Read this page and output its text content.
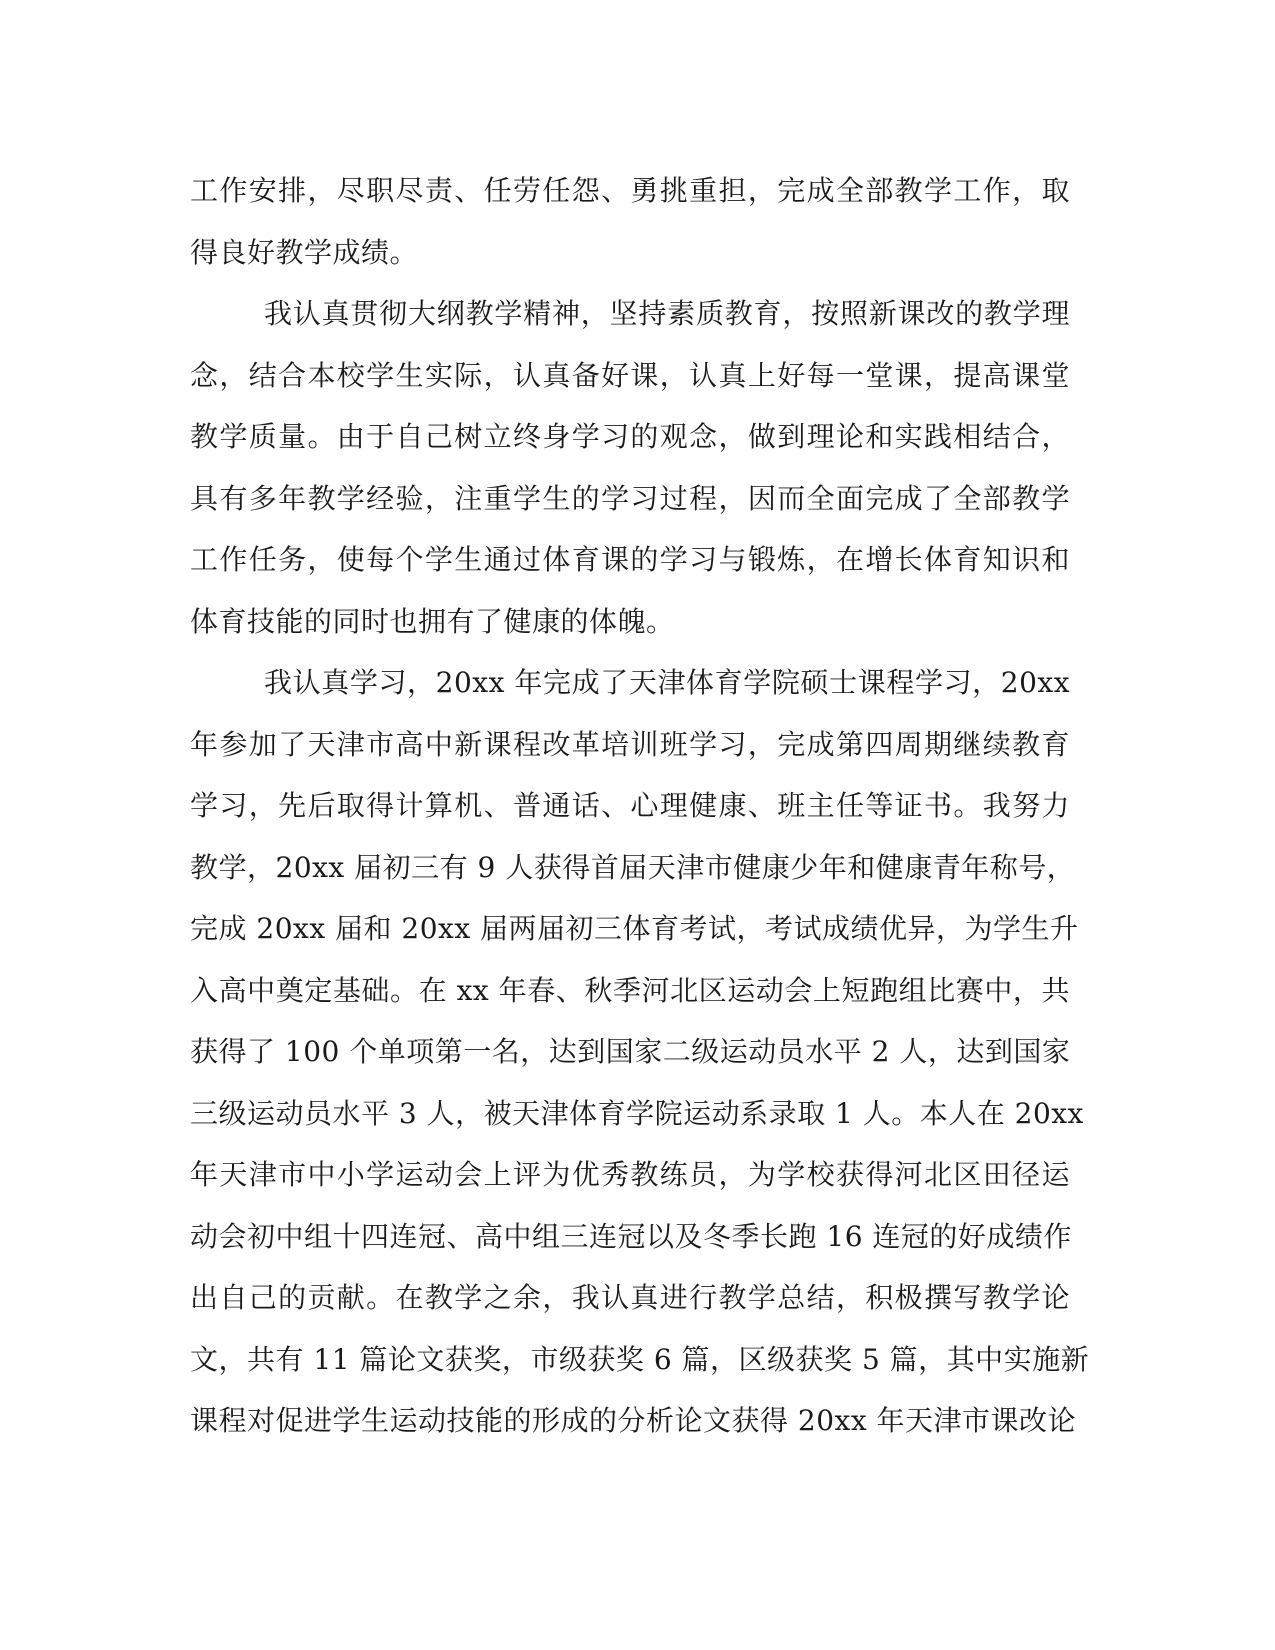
工作安排，尽职尽责、任劳任怨、勇挑重担，完成全部教学工作，取
得良好教学成绩。
我认真贯彻大纲教学精神，坚持素质教育，按照新课改的教学理
念，结合本校学生实际，认真备好课，认真上好每一堂课，提高课堂
教学质量。由于自己树立终身学习的观念，做到理论和实践相结合，
具有多年教学经验，注重学生的学习过程，因而全面完成了全部教学
工作任务，使每个学生通过体育课的学习与锻炼，在增长体育知识和
体育技能的同时也拥有了健康的体魄。
我认真学习，20xx 年完成了天津体育学院硕士课程学习，20xx
年参加了天津市高中新课程改革培训班学习，完成第四周期继续教育
学习，先后取得计算机、普通话、心理健康、班主任等证书。我努力
教学，20xx 届初三有 9 人获得首届天津市健康少年和健康青年称号，
完成 20xx 届和 20xx 届两届初三体育考试，考试成绩优异，为学生升
入高中奠定基础。在 xx 年春、秋季河北区运动会上短跑组比赛中，共
获得了 100 个单项第一名，达到国家二级运动员水平 2 人，达到国家
三级运动员水平 3 人，被天津体育学院运动系录取 1 人。本人在 20xx
年天津市中小学运动会上评为优秀教练员，为学校获得河北区田径运
动会初中组十四连冠、高中组三连冠以及冬季长跑 16 连冠的好成绩作
出自己的贡献。在教学之余，我认真进行教学总结，积极撰写教学论
文，共有 11 篇论文获奖，市级获奖 6 篇，区级获奖 5 篇，其中实施新
课程对促进学生运动技能的形成的分析论文获得 20xx 年天津市课改论
